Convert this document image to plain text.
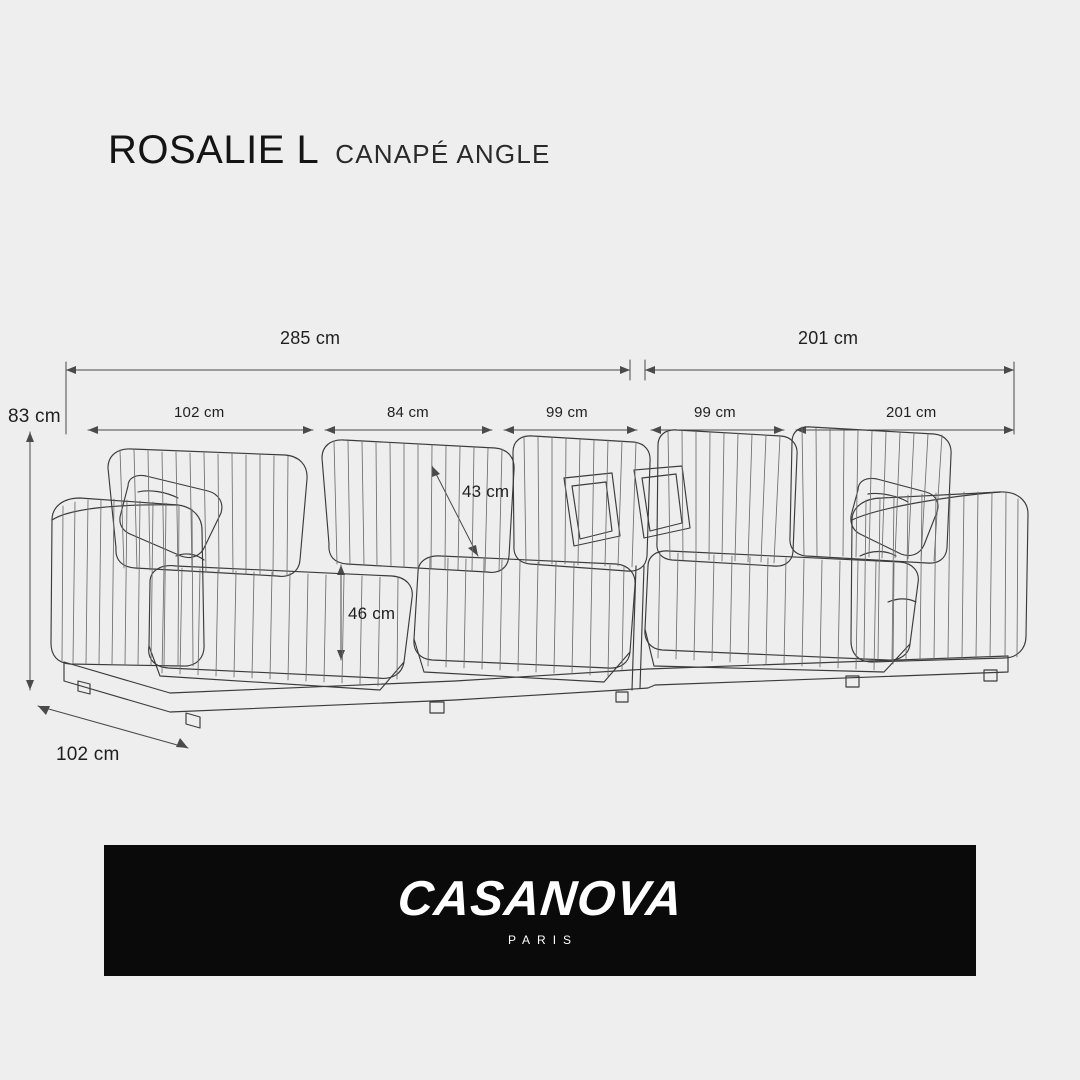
ROSALIE L CANAPÉ ANGLE
285 cm	201 cm
102 cm	84 cm	99 cm	99 cm	201 cm
83 cm
43 cm
46 cm
102 cm
CASANOVA
PARIS
